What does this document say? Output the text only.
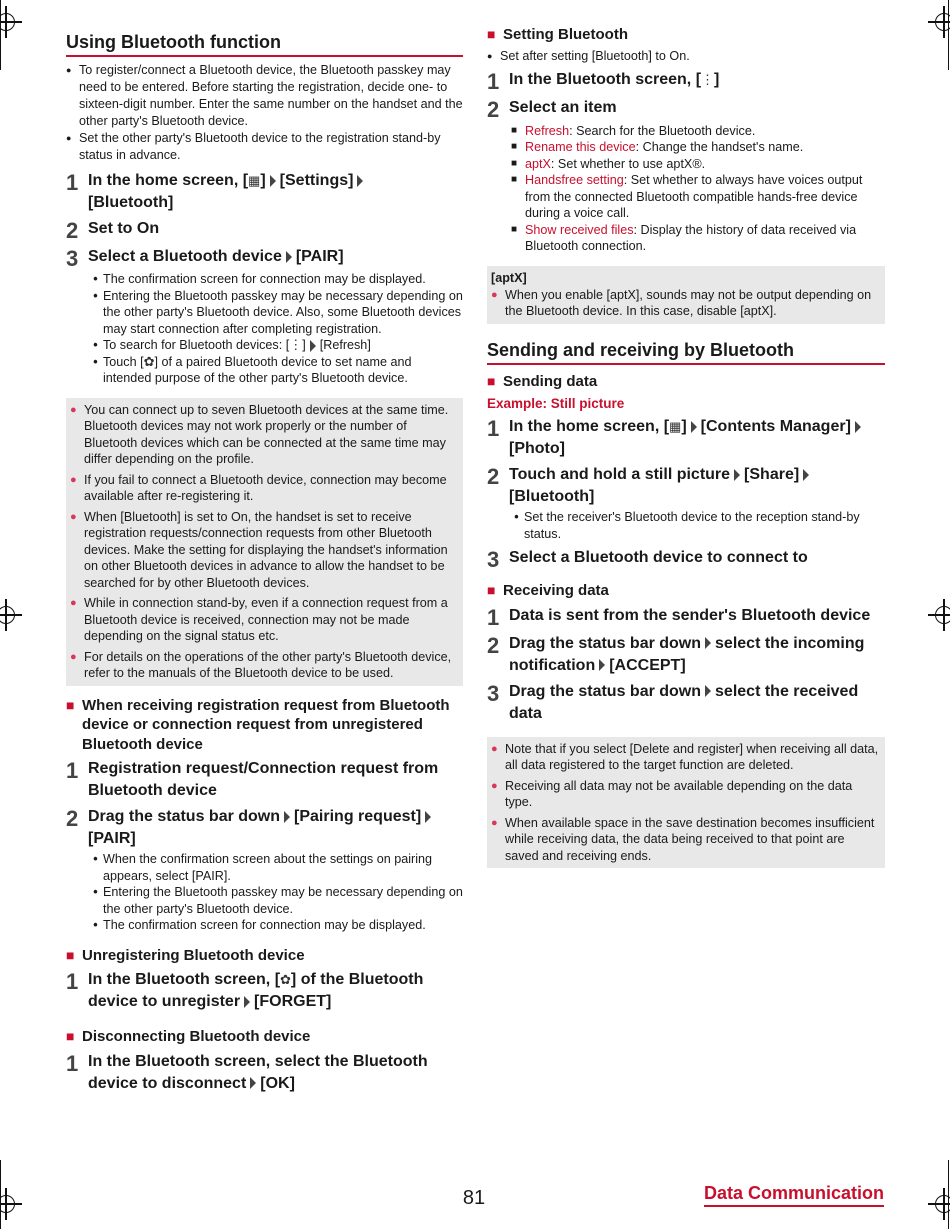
Using Bluetooth function
● To register/connect a Bluetooth device, the Bluetooth passkey may need to be entered. Before starting the registration, decide one- to sixteen-digit number. Enter the same number on the handset and the other party's Bluetooth device.
● Set the other party's Bluetooth device to the registration stand-by status in advance.
1 In the home screen, [▦] [Settings]
[Bluetooth]
2 Set to On
3 Select a Bluetooth device [PAIR]
• The confirmation screen for connection may be displayed.
• Entering the Bluetooth passkey may be necessary depending on the other party's Bluetooth device. Also, some Bluetooth devices may start connection after completing registration.
• To search for Bluetooth devices: [⋮] [Refresh]
• Touch [✿] of a paired Bluetooth device to set name and intended purpose of the other party's Bluetooth device.
● You can connect up to seven Bluetooth devices at the same time. Bluetooth devices may not work properly or the number of Bluetooth devices which can be connected at the same time may differ depending on the profile.
● If you fail to connect a Bluetooth device, connection may become available after re-registering it.
● When [Bluetooth] is set to On, the handset is set to receive registration requests/connection requests from other Bluetooth devices. Make the setting for displaying the handset's information on other Bluetooth devices in advance to allow the handset to be searched for by other Bluetooth devices.
● While in connection stand-by, even if a connection request from a Bluetooth device is received, connection may not be made depending on the signal status etc.
● For details on the operations of the other party's Bluetooth device, refer to the manuals of the Bluetooth device to be used.
■ When receiving registration request from Bluetooth device or connection request from unregistered Bluetooth device
1 Registration request/Connection request from Bluetooth device
2 Drag the status bar down [Pairing request]
[PAIR]
• When the confirmation screen about the settings on pairing appears, select [PAIR].
• Entering the Bluetooth passkey may be necessary depending on the other party's Bluetooth device.
• The confirmation screen for connection may be displayed.
■ Unregistering Bluetooth device
1 In the Bluetooth screen, [✿] of the Bluetooth device to unregister [FORGET]
■ Disconnecting Bluetooth device
1 In the Bluetooth screen, select the Bluetooth device to disconnect [OK]
■ Setting Bluetooth
● Set after setting [Bluetooth] to On.
1 In the Bluetooth screen, [⋮]
2 Select an item
■ Refresh: Search for the Bluetooth device.
■ Rename this device: Change the handset's name.
■ aptX: Set whether to use aptX®.
■ Handsfree setting: Set whether to always have voices output from the connected Bluetooth compatible hands-free device during a voice call.
■ Show received files: Display the history of data received via Bluetooth connection.
[aptX]
● When you enable [aptX], sounds may not be output depending on the Bluetooth device. In this case, disable [aptX].
Sending and receiving by Bluetooth
■ Sending data
Example: Still picture
1 In the home screen, [▦] [Contents Manager][Photo]
2 Touch and hold a still picture [Share]
[Bluetooth]
• Set the receiver's Bluetooth device to the reception stand-by status.
3 Select a Bluetooth device to connect to
■ Receiving data
1 Data is sent from the sender's Bluetooth device
2 Drag the status bar down select the incoming notification [ACCEPT]
3 Drag the status bar down select the received data
● Note that if you select [Delete and register] when receiving all data, all data registered to the target function are deleted.
● Receiving all data may not be available depending on the data type.
● When available space in the save destination becomes insufficient while receiving data, the data being received to that point are saved and receiving ends.
81	Data Communication
